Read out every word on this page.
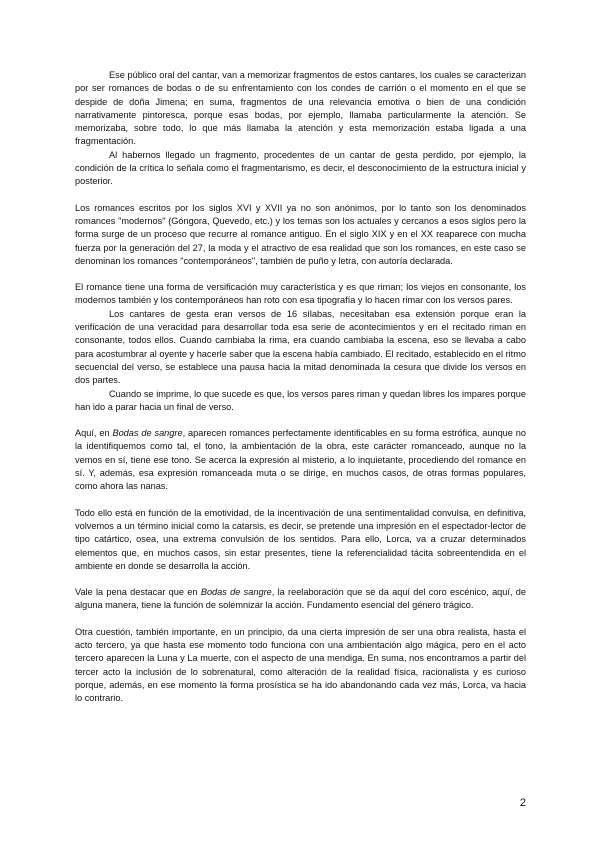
Ese público oral del cantar, van a memorizar fragmentos de estos cantares, los cuales se caracterizan por ser romances de bodas o de su enfrentamiento con los condes de carrión o el momento en el que se despide de doña Jimena; en suma, fragmentos de una relevancia emotiva o bien de una condición narrativamente pintoresca, porque esas bodas, por ejemplo, llamaba particularmente la atención. Se memorizaba, sobre todo, lo que más llamaba la atención y esta memorización estaba ligada a una fragmentación.

Al habernos llegado un fragmento, procedentes de un cantar de gesta perdido, por ejemplo, la condición de la crítica lo señala como el fragmentarismo, es decir, el desconocimiento de la estructura inicial y posterior.

Los romances escritos por los siglos XVI y XVII ya no son anónimos, por lo tanto son los denominados romances "modernos" (Góngora, Quevedo, etc.) y los temas son los actuales y cercanos a esos siglos pero la forma surge de un proceso que recurre al romance antiguo. En el siglo XIX y en el XX reaparece con mucha fuerza por la generación del 27, la moda y el atractivo de esa realidad que son los romances, en este caso se denominan los romances "contemporáneos", también de puño y letra, con autoría declarada.

El romance tiene una forma de versificación muy característica y es que riman; los viejos en consonante, los modernos también y los contemporáneos han roto con esa tipografía y lo hacen rimar con los versos pares.

Los cantares de gesta eran versos de 16 sílabas, necesitaban esa extensión porque eran la verificación de una veracidad para desarrollar toda esa serie de acontecimientos y en el recitado riman en consonante, todos ellos. Cuando cambiaba la rima, era cuando cambiaba la escena, eso se llevaba a cabo para acostumbrar al oyente y hacerle saber que la escena había cambiado. El recitado, establecido en el ritmo secuencial del verso, se establece una pausa hacia la mitad denominada la cesura que divide los versos en dos partes.

Cuando se imprime, lo que sucede es que, los versos pares riman y quedan libres los impares porque han ido a parar hacia un final de verso.

Aquí, en Bodas de sangre, aparecen romances perfectamente identificables en su forma estrófica, aunque no la identifiquemos como tal, el tono, la ambientación de la obra, este carácter romanceado, aunque no la vemos en sí, tiene ese tono. Se acerca la expresión al misterio, a lo inquietante, procediendo del romance en sí. Y, además, esa expresión romanceada muta o se dirige, en muchos casos, de otras formas populares, como ahora las nanas.

Todo ello está en función de la emotividad, de la incentivación de una sentimentalidad convulsa, en definitiva, volvemos a un término inicial como la catarsis, es decir, se pretende una impresión en el espectador-lector de tipo catártico, osea, una extrema convulsión de los sentidos. Para ello, Lorca, va a cruzar determinados elementos que, en muchos casos, sin estar presentes, tiene la referencialidad tácita sobreentendida en el ambiente en donde se desarrolla la acción.

Vale la pena destacar que en Bodas de sangre, la reelaboración que se da aquí del coro escénico, aquí, de alguna manera, tiene la función de solemnizar la acción. Fundamento esencial del género trágico.

Otra cuestión, también importante, en un principio, da una cierta impresión de ser una obra realista, hasta el acto tercero, ya que hasta ese momento todo funciona con una ambientación algo mágica, pero en el acto tercero aparecen la Luna y La muerte, con el aspecto de una mendiga. En suma, nos encontramos a partir del tercer acto la inclusión de lo sobrenatural, como alteración de la realidad física, racionalista y es curioso porque, además, en ese momento la forma prosística se ha ido abandonando cada vez más, Lorca, va hacia lo contrario.

2
